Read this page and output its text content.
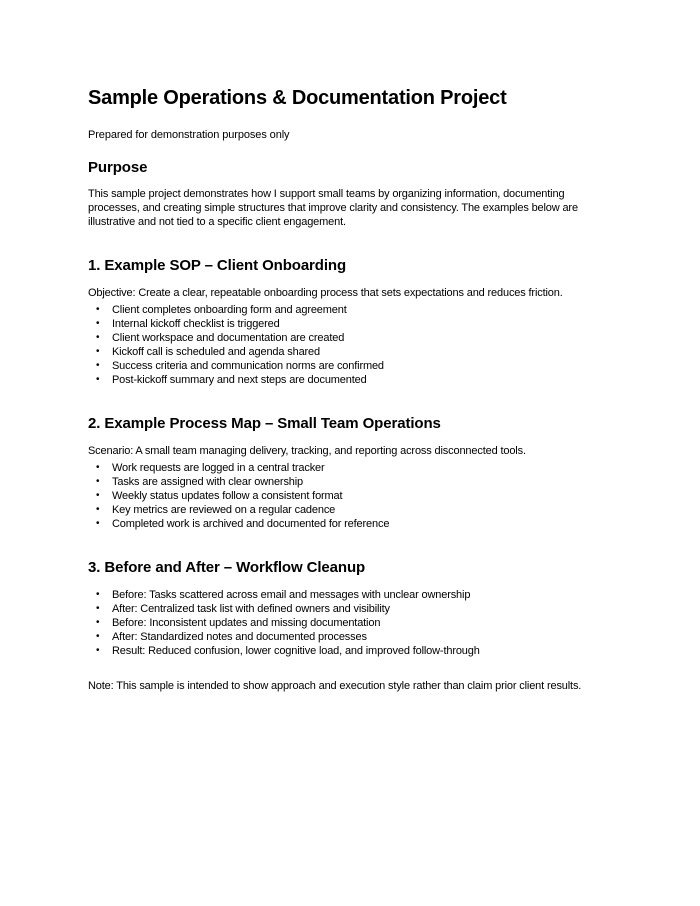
Sample Operations & Documentation Project

Prepared for demonstration purposes only

Purpose

This sample project demonstrates how I support small teams by organizing information, documenting processes, and creating simple structures that improve clarity and consistency. The examples below are illustrative and not tied to a specific client engagement.

1. Example SOP – Client Onboarding

Objective: Create a clear, repeatable onboarding process that sets expectations and reduces friction.

•	Client completes onboarding form and agreement
•	Internal kickoff checklist is triggered
•	Client workspace and documentation are created
•	Kickoff call is scheduled and agenda shared
•	Success criteria and communication norms are confirmed
•	Post-kickoff summary and next steps are documented
2. Example Process Map – Small Team Operations

Scenario: A small team managing delivery, tracking, and reporting across disconnected tools.

•	Work requests are logged in a central tracker
•	Tasks are assigned with clear ownership
•	Weekly status updates follow a consistent format
•	Key metrics are reviewed on a regular cadence
•	Completed work is archived and documented for reference
3. Before and After – Workflow Cleanup
•	Before: Tasks scattered across email and messages with unclear ownership
•	After: Centralized task list with defined owners and visibility
•	Before: Inconsistent updates and missing documentation
•	After: Standardized notes and documented processes
•	Result: Reduced confusion, lower cognitive load, and improved follow-through

Note: This sample is intended to show approach and execution style rather than claim prior client results.
